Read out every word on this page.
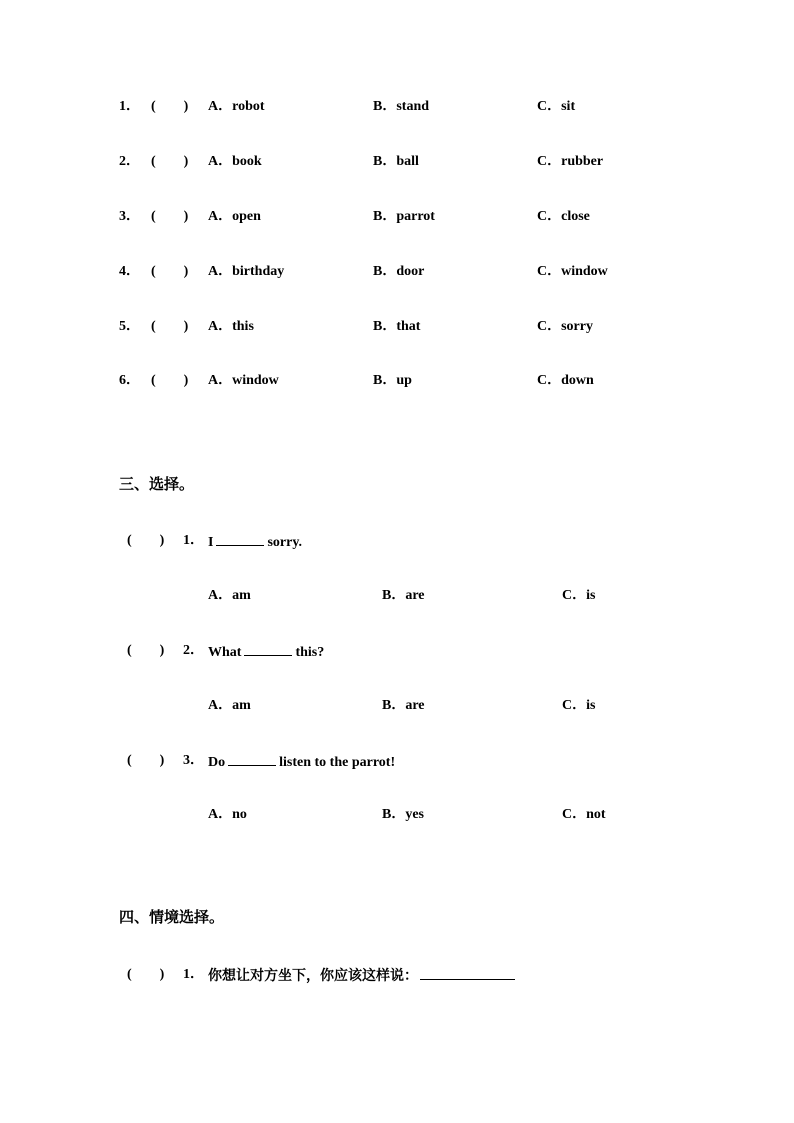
1． (　　) A．robot	B．stand	C．sit
2． (　　) A．book	B．ball	C．rubber
3． (　　) A．open	B．parrot	C．close
4． (　　) A．birthday	B．door	C．window
5． (　　) A．this	B．that	C．sorry
6． (　　) A．window	B．up	C．down
三、选择。
(　　) 1． I	sorry.
A．am	B．are	C．is
(　　) 2． What	this?
A．am	B．are	C．is
(　　) 3． Do	listen to the parrot!
A．no	B．yes	C．not
四、情境选择。
(　　) 1． 你想让对方坐下，你应该这样说：
